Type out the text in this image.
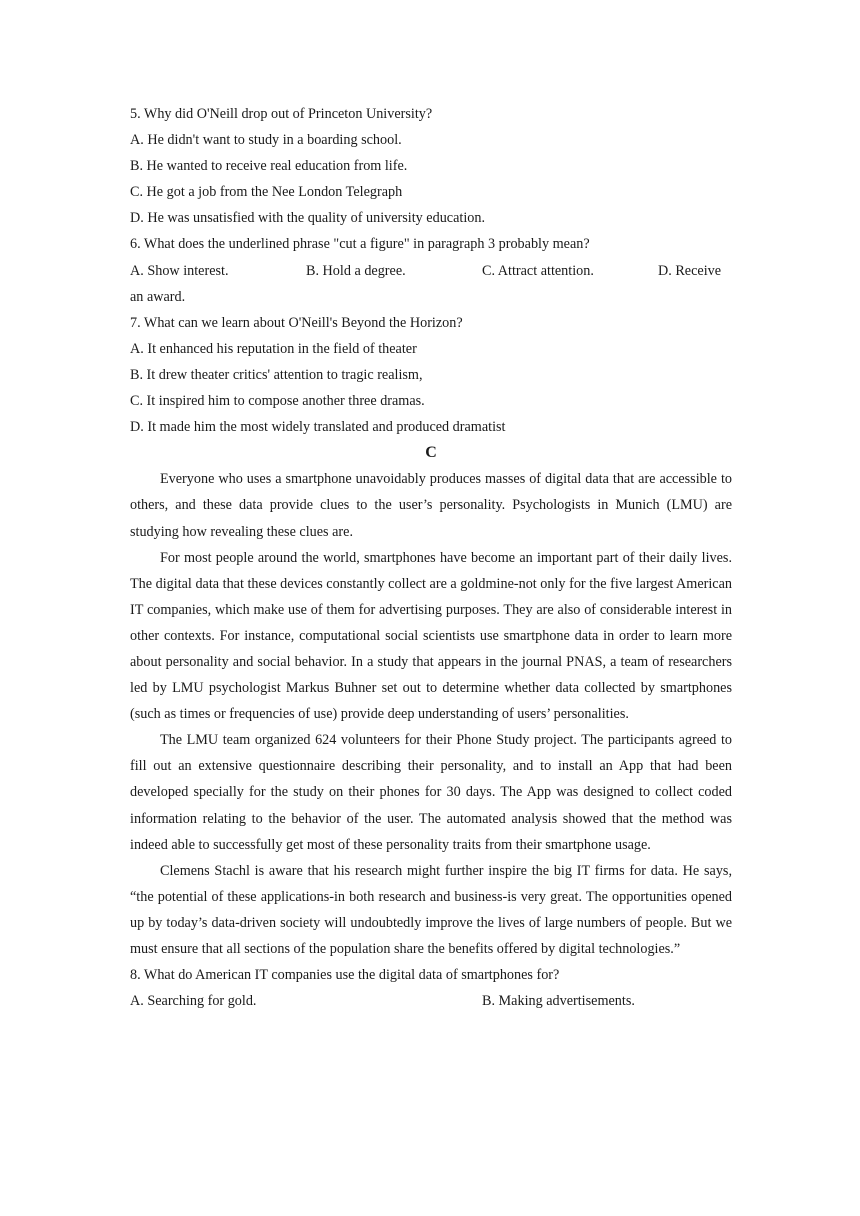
5. Why did O'Neill drop out of Princeton University?
A. He didn't want to study in a boarding school.
B. He wanted to receive real education from life.
C. He got a job from the Nee London Telegraph
D. He was unsatisfied with the quality of university education.
6. What does the underlined phrase "cut a figure" in paragraph 3 probably mean?
A. Show interest.	B. Hold a degree.	C. Attract attention.	D. Receive
an award.
7. What can we learn about O'Neill's Beyond the Horizon?
A. It enhanced his reputation in the field of theater
B. It drew theater critics' attention to tragic realism,
C. It inspired him to compose another three dramas.
D. It made him the most widely translated and produced dramatist
C

Everyone who uses a smartphone unavoidably produces masses of digital data that are accessible to others, and these data provide clues to the user’s personality. Psychologists in Munich (LMU) are studying how revealing these clues are.

For most people around the world, smartphones have become an important part of their daily lives. The digital data that these devices constantly collect are a goldmine-not only for the five largest American IT companies, which make use of them for advertising purposes. They are also of considerable interest in other contexts. For instance, computational social scientists use smartphone data in order to learn more about personality and social behavior. In a study that appears in the journal PNAS, a team of researchers led by LMU psychologist Markus Buhner set out to determine whether data collected by smartphones (such as times or frequencies of use) provide deep understanding of users’ personalities.

The LMU team organized 624 volunteers for their Phone Study project. The participants agreed to fill out an extensive questionnaire describing their personality, and to install an App that had been developed specially for the study on their phones for 30 days. The App was designed to collect coded information relating to the behavior of the user. The automated analysis showed that the method was indeed able to successfully get most of these personality traits from their smartphone usage.

Clemens Stachl is aware that his research might further inspire the big IT firms for data. He says, “the potential of these applications-in both research and business-is very great. The opportunities opened up by today’s data-driven society will undoubtedly improve the lives of large numbers of people. But we must ensure that all sections of the population share the benefits offered by digital technologies.”

8. What do American IT companies use the digital data of smartphones for?
A. Searching for gold.	B. Making advertisements.
